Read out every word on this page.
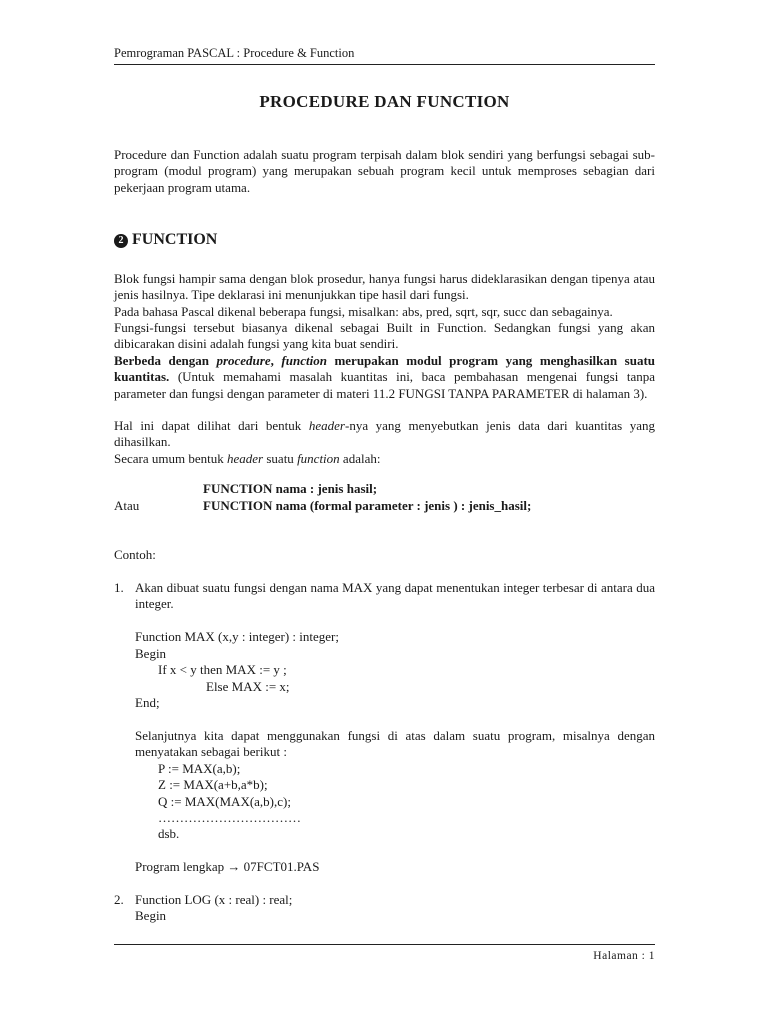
Pemrograman PASCAL : Procedure & Function
PROCEDURE DAN FUNCTION
Procedure dan Function adalah suatu program terpisah dalam blok sendiri yang berfungsi sebagai sub-program (modul program) yang merupakan sebuah program kecil untuk memproses sebagian dari pekerjaan program utama.
2 FUNCTION
Blok fungsi hampir sama dengan blok prosedur, hanya fungsi harus dideklarasikan dengan tipenya atau jenis hasilnya. Tipe deklarasi ini menunjukkan tipe hasil dari fungsi.
Pada bahasa Pascal dikenal beberapa fungsi, misalkan: abs, pred, sqrt, sqr, succ dan sebagainya.
Fungsi-fungsi tersebut biasanya dikenal sebagai Built in Function. Sedangkan fungsi yang akan dibicarakan disini adalah fungsi yang kita buat sendiri.
Berbeda dengan procedure, function merupakan modul program yang menghasilkan suatu kuantitas. (Untuk memahami masalah kuantitas ini, baca pembahasan mengenai fungsi tanpa parameter dan fungsi dengan parameter di materi 11.2 FUNGSI TANPA PARAMETER di halaman 3).
Hal ini dapat dilihat dari bentuk header-nya yang menyebutkan jenis data dari kuantitas yang dihasilkan.
Secara umum bentuk header suatu function adalah:
FUNCTION nama : jenis hasil;
Atau	FUNCTION nama (formal parameter : jenis ) : jenis_hasil;
Contoh:
1. Akan dibuat suatu fungsi dengan nama MAX yang dapat menentukan integer terbesar di antara dua integer.
Function MAX (x,y : integer) : integer;
Begin
If x < y then MAX := y ;
Else MAX := x;
End;
Selanjutnya kita dapat menggunakan fungsi di atas dalam suatu program, misalnya dengan menyatakan sebagai berikut :
P := MAX(a,b);
Z := MAX(a+b,a*b);
Q := MAX(MAX(a,b),c);
……………………………
dsb.
Program lengkap → 07FCT01.PAS
2. Function LOG (x : real) : real;
Begin
Halaman : 1
